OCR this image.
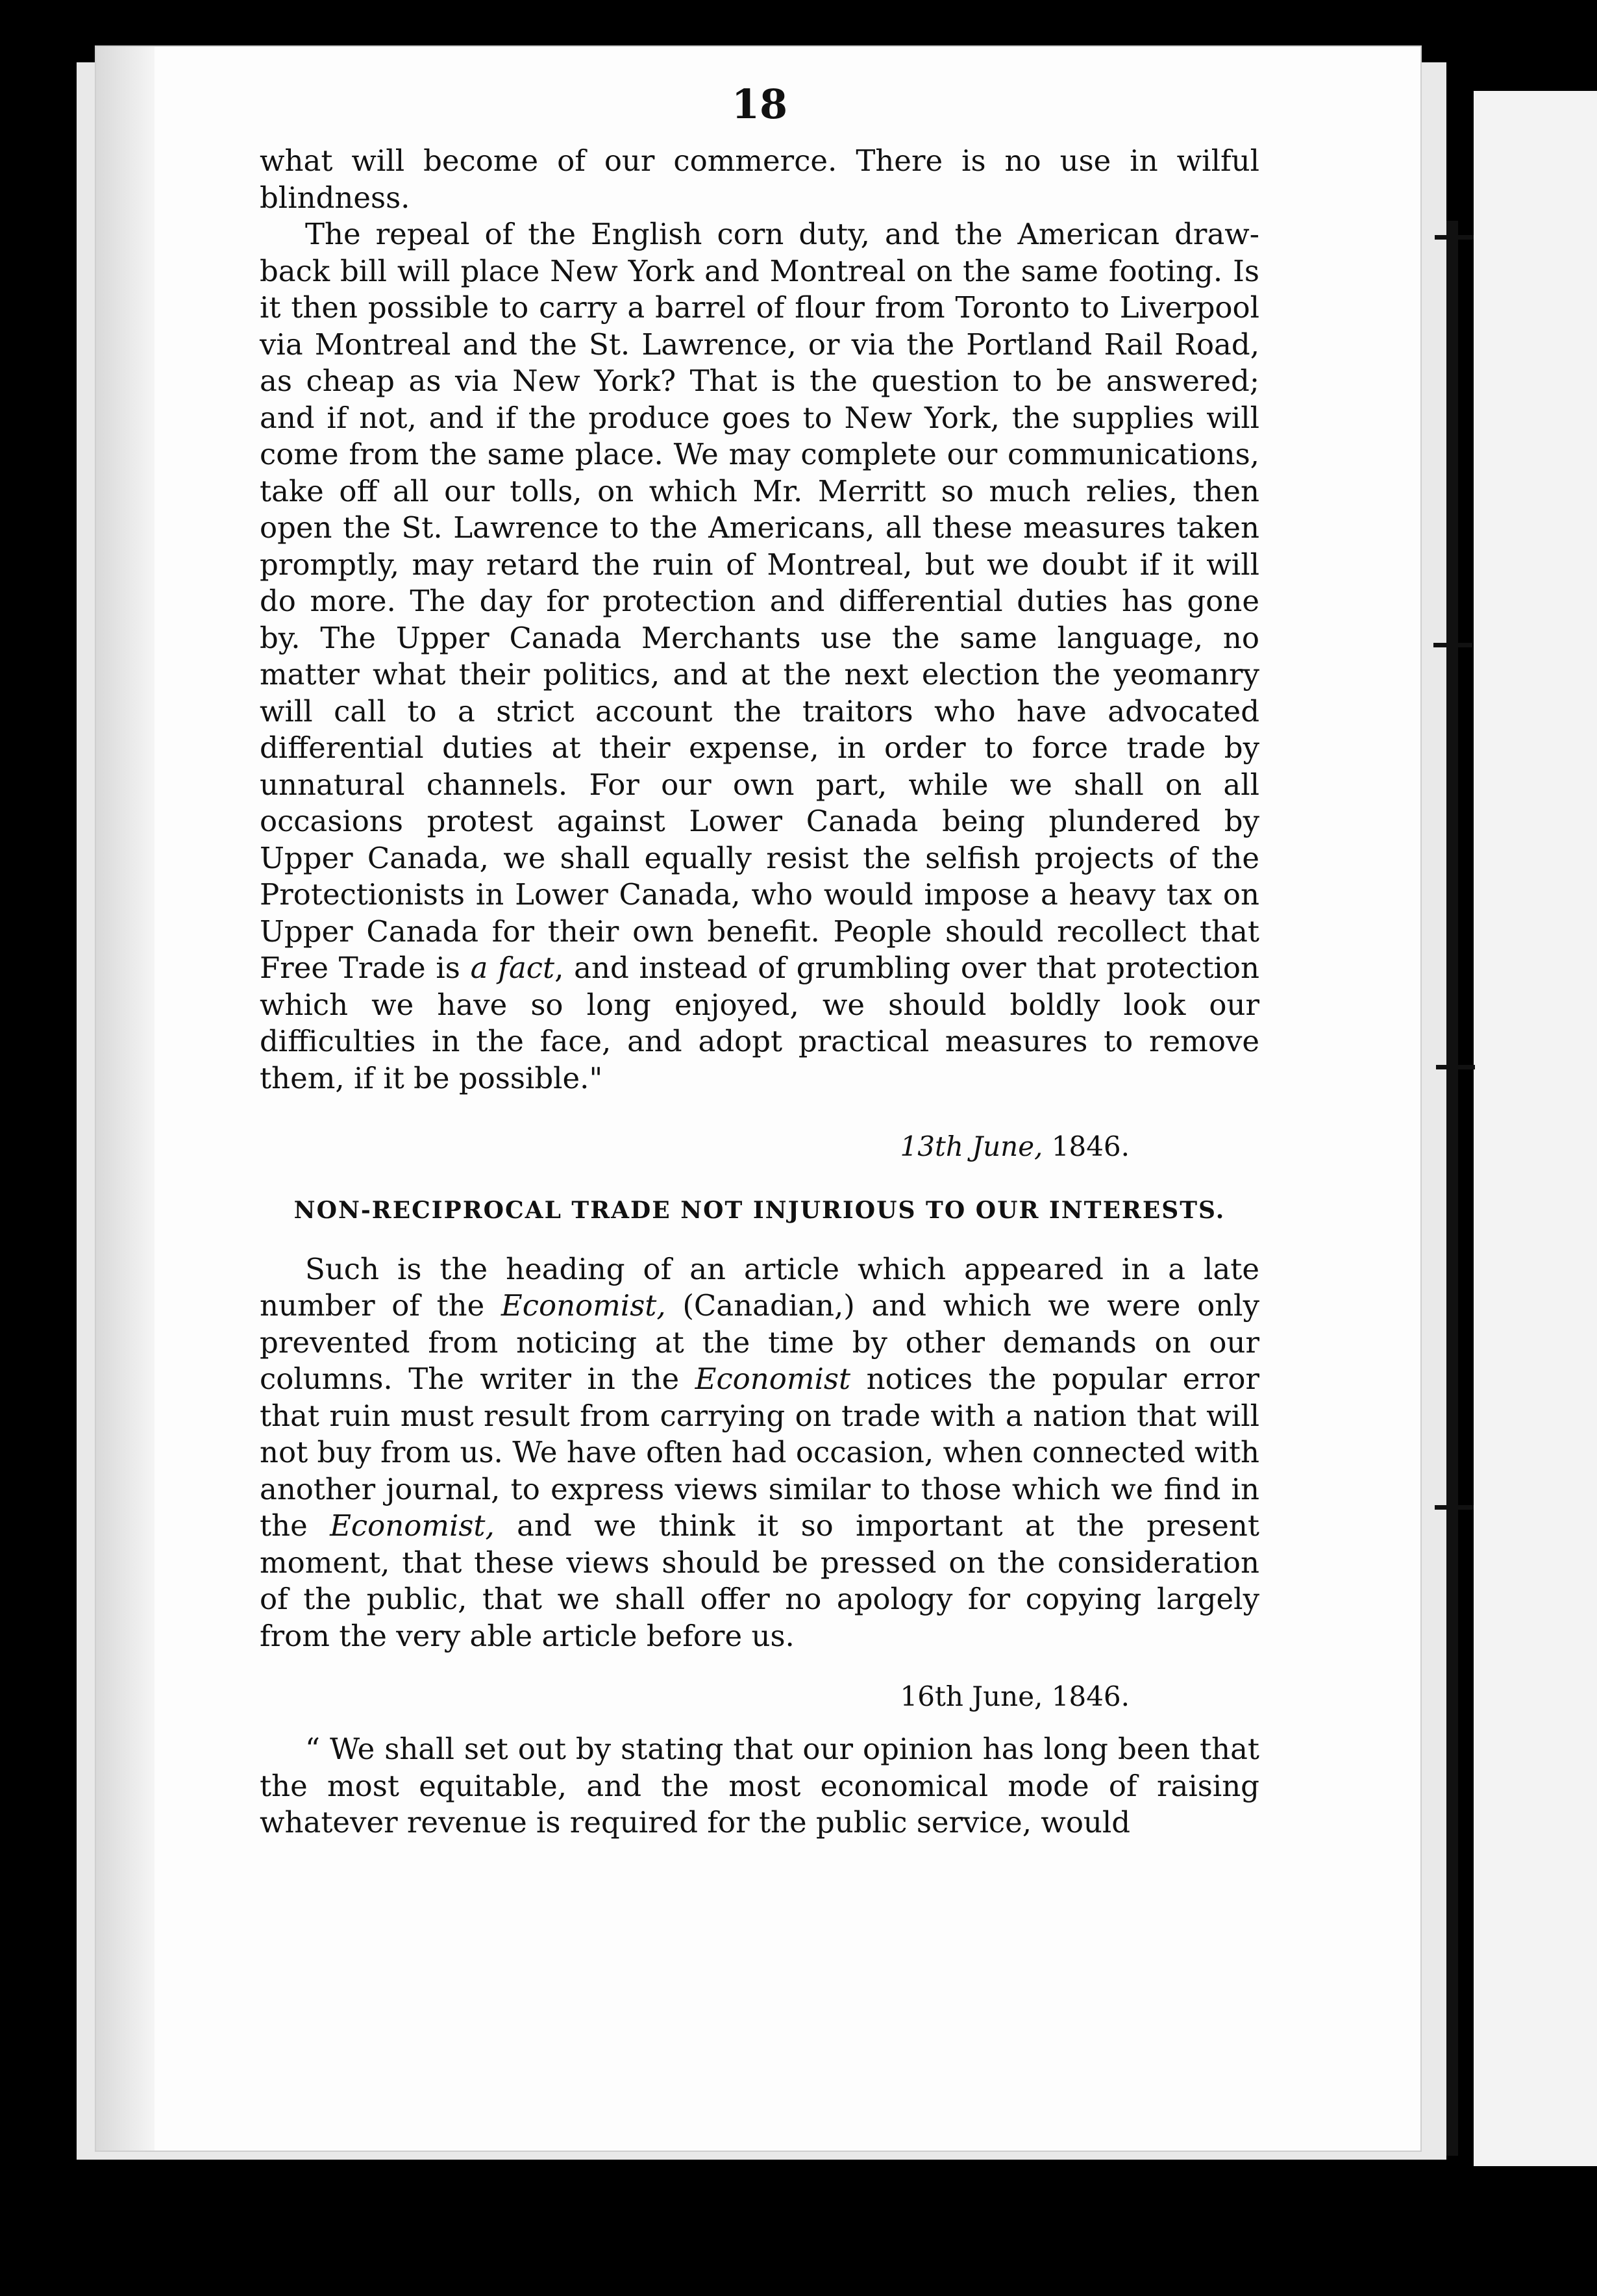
18

what will become of our commerce. There is no use in wilful blindness.

The repeal of the English corn duty, and the American draw-back bill will place New York and Montreal on the same footing. Is it then possible to carry a barrel of flour from Toronto to Liverpool via Montreal and the St. Lawrence, or via the Portland Rail Road, as cheap as via New York? That is the question to be answered; and if not, and if the produce goes to New York, the supplies will come from the same place. We may complete our communications, take off all our tolls, on which Mr. Merritt so much relies, then open the St. Lawrence to the Americans, all these measures taken promptly, may retard the ruin of Montreal, but we doubt if it will do more. The day for protection and differential duties has gone by. The Upper Canada Merchants use the same language, no matter what their politics, and at the next election the yeomanry will call to a strict account the traitors who have advocated differential duties at their expense, in order to force trade by unnatural channels. For our own part, while we shall on all occasions protest against Lower Canada being plundered by Upper Canada, we shall equally resist the selfish projects of the Protectionists in Lower Canada, who would impose a heavy tax on Upper Canada for their own benefit. People should recollect that Free Trade is a fact, and instead of grumbling over that protection which we have so long enjoyed, we should boldly look our difficulties in the face, and adopt practical measures to remove them, if it be possible."

13th June, 1846.
NON-RECIPROCAL TRADE NOT INJURIOUS TO OUR INTERESTS.

Such is the heading of an article which appeared in a late number of the Economist, (Canadian,) and which we were only prevented from noticing at the time by other demands on our columns. The writer in the Economist notices the popular error that ruin must result from carrying on trade with a nation that will not buy from us. We have often had occasion, when connected with another journal, to express views similar to those which we find in the Economist, and we think it so important at the present moment, that these views should be pressed on the consideration of the public, that we shall offer no apology for copying largely from the very able article before us.

16th June, 1846.

“ We shall set out by stating that our opinion has long been that the most equitable, and the most economical mode of raising whatever revenue is required for the public service, would
